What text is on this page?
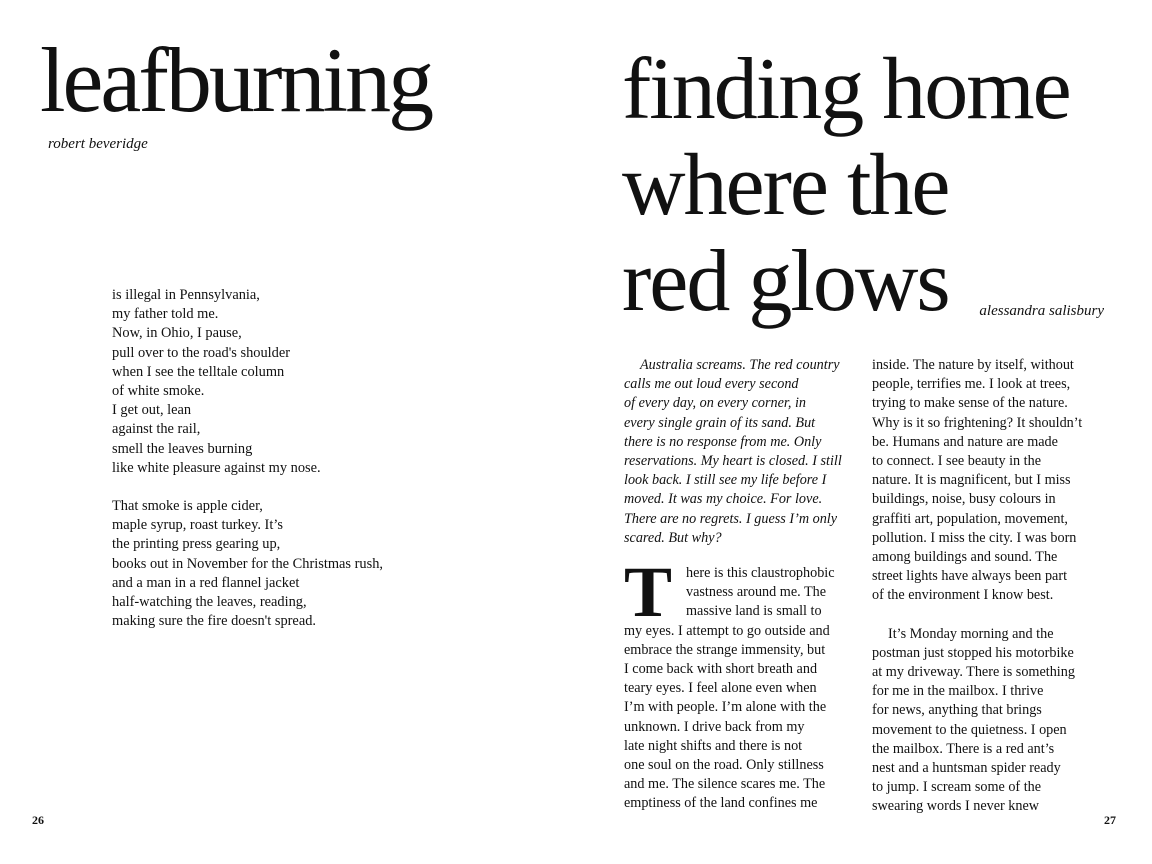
leafburning
robert beveridge
is illegal in Pennsylvania,
my father told me.
Now, in Ohio, I pause,
pull over to the road's shoulder
when I see the telltale column
of white smoke.
I get out, lean
against the rail,
smell the leaves burning
like white pleasure against my nose.
That smoke is apple cider,
maple syrup, roast turkey. It’s
the printing press gearing up,
books out in November for the Christmas rush,
and a man in a red flannel jacket
half-watching the leaves, reading,
making sure the fire doesn't spread.
26
finding home
where the
red glows	alessandra salisbury
Australia screams. The red country
calls me out loud every second
of every day, on every corner, in
every single grain of its sand. But
there is no response from me. Only
reservations. My heart is closed. I still
look back. I still see my life before I
moved. It was my choice. For love.
There are no regrets. I guess I’m only
scared. But why?
T here is this claustrophobic
vastness around me. The
massive land is small to
my eyes. I attempt to go outside and
embrace the strange immensity, but
I come back with short breath and
teary eyes. I feel alone even when
I’m with people. I’m alone with the
unknown. I drive back from my
late night shifts and there is not
one soul on the road. Only stillness
and me. The silence scares me. The
emptiness of the land confines me
inside. The nature by itself, without
people, terrifies me. I look at trees,
trying to make sense of the nature.
Why is it so frightening? It shouldn’t
be. Humans and nature are made
to connect. I see beauty in the
nature. It is magnificent, but I miss
buildings, noise, busy colours in
graffiti art, population, movement,
pollution. I miss the city. I was born
among buildings and sound. The
street lights have always been part
of the environment I know best.
It’s Monday morning and the
postman just stopped his motorbike
at my driveway. There is something
for me in the mailbox. I thrive
for news, anything that brings
movement to the quietness. I open
the mailbox. There is a red ant’s
nest and a huntsman spider ready
to jump. I scream some of the
swearing words I never knew
27
